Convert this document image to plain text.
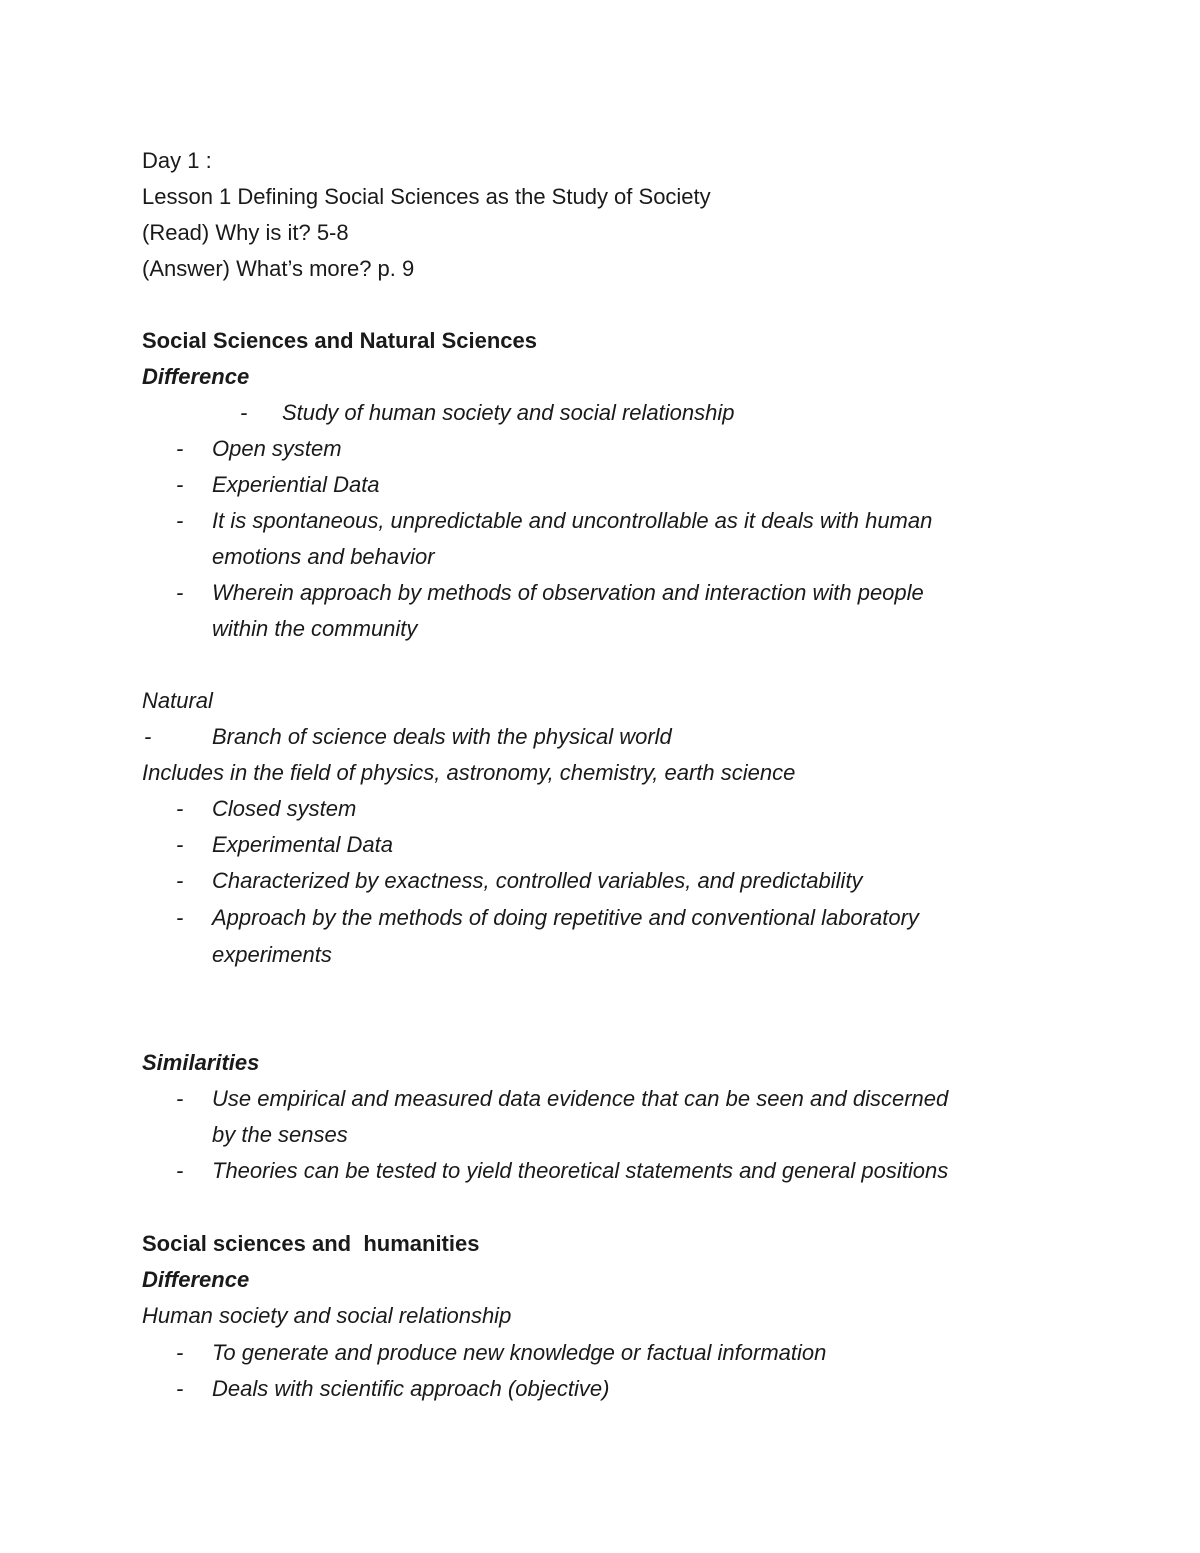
Day 1 :
Lesson 1 Defining Social Sciences as the Study of Society
(Read) Why is it? 5-8
(Answer) What’s more? p. 9
Social Sciences and Natural Sciences
Difference
- Study of human society and social relationship
- Open system
- Experiential Data
- It is spontaneous, unpredictable and uncontrollable as it deals with human
emotions and behavior
- Wherein approach by methods of observation and interaction with people
within the community
Natural
-	Branch of science deals with the physical world
Includes in the field of physics, astronomy, chemistry, earth science
- Closed system
- Experimental Data
- Characterized by exactness, controlled variables, and predictability
- Approach by the methods of doing repetitive and conventional laboratory
experiments
Similarities
- Use empirical and measured data evidence that can be seen and discerned
by the senses
- Theories can be tested to yield theoretical statements and general positions
Social sciences and  humanities
Difference
Human society and social relationship
- To generate and produce new knowledge or factual information
- Deals with scientific approach (objective)
